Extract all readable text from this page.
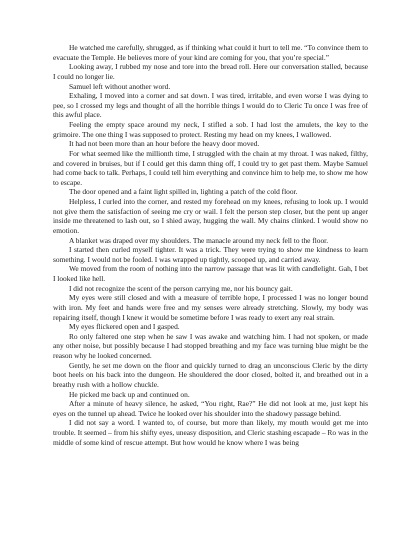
He watched me carefully, shrugged, as if thinking what could it hurt to tell me. “To convince them to evacuate the Temple. He believes more of your kind are coming for you, that you’re special.”

Looking away, I rubbed my nose and tore into the bread roll. Here our conversation stalled, because I could no longer lie.

Samuel left without another word.

Exhaling, I moved into a corner and sat down. I was tired, irritable, and even worse I was dying to pee, so I crossed my legs and thought of all the horrible things I would do to Cleric Tu once I was free of this awful place.

Feeling the empty space around my neck, I stifled a sob. I had lost the amulets, the key to the grimoire. The one thing I was supposed to protect. Resting my head on my knees, I wallowed.

It had not been more than an hour before the heavy door moved.

For what seemed like the millionth time, I struggled with the chain at my throat. I was naked, filthy, and covered in bruises, but if I could get this damn thing off, I could try to get past them. Maybe Samuel had come back to talk. Perhaps, I could tell him everything and convince him to help me, to show me how to escape.

The door opened and a faint light spilled in, lighting a patch of the cold floor.

Helpless, I curled into the corner, and rested my forehead on my knees, refusing to look up. I would not give them the satisfaction of seeing me cry or wail. I felt the person step closer, but the pent up anger inside me threatened to lash out, so I shied away, hugging the wall. My chains clinked. I would show no emotion.

A blanket was draped over my shoulders. The manacle around my neck fell to the floor.

I started then curled myself tighter. It was a trick. They were trying to show me kindness to learn something. I would not be fooled. I was wrapped up tightly, scooped up, and carried away.

We moved from the room of nothing into the narrow passage that was lit with candlelight. Gah, I bet I looked like hell.

I did not recognize the scent of the person carrying me, nor his bouncy gait.

My eyes were still closed and with a measure of terrible hope, I processed I was no longer bound with iron. My feet and hands were free and my senses were already stretching. Slowly, my body was repairing itself, though I knew it would be sometime before I was ready to exert any real strain.

My eyes flickered open and I gasped.

Ro only faltered one step when he saw I was awake and watching him. I had not spoken, or made any other noise, but possibly because I had stopped breathing and my face was turning blue might be the reason why he looked concerned.

Gently, he set me down on the floor and quickly turned to drag an unconscious Cleric by the dirty boot heels on his back into the dungeon. He shouldered the door closed, bolted it, and breathed out in a breathy rush with a hollow chuckle.

He picked me back up and continued on.

After a minute of heavy silence, he asked, “You right, Rae?” He did not look at me, just kept his eyes on the tunnel up ahead. Twice he looked over his shoulder into the shadowy passage behind.

I did not say a word. I wanted to, of course, but more than likely, my mouth would get me into trouble. It seemed – from his shifty eyes, uneasy disposition, and Cleric stashing escapade – Ro was in the middle of some kind of rescue attempt. But how would he know where I was being
